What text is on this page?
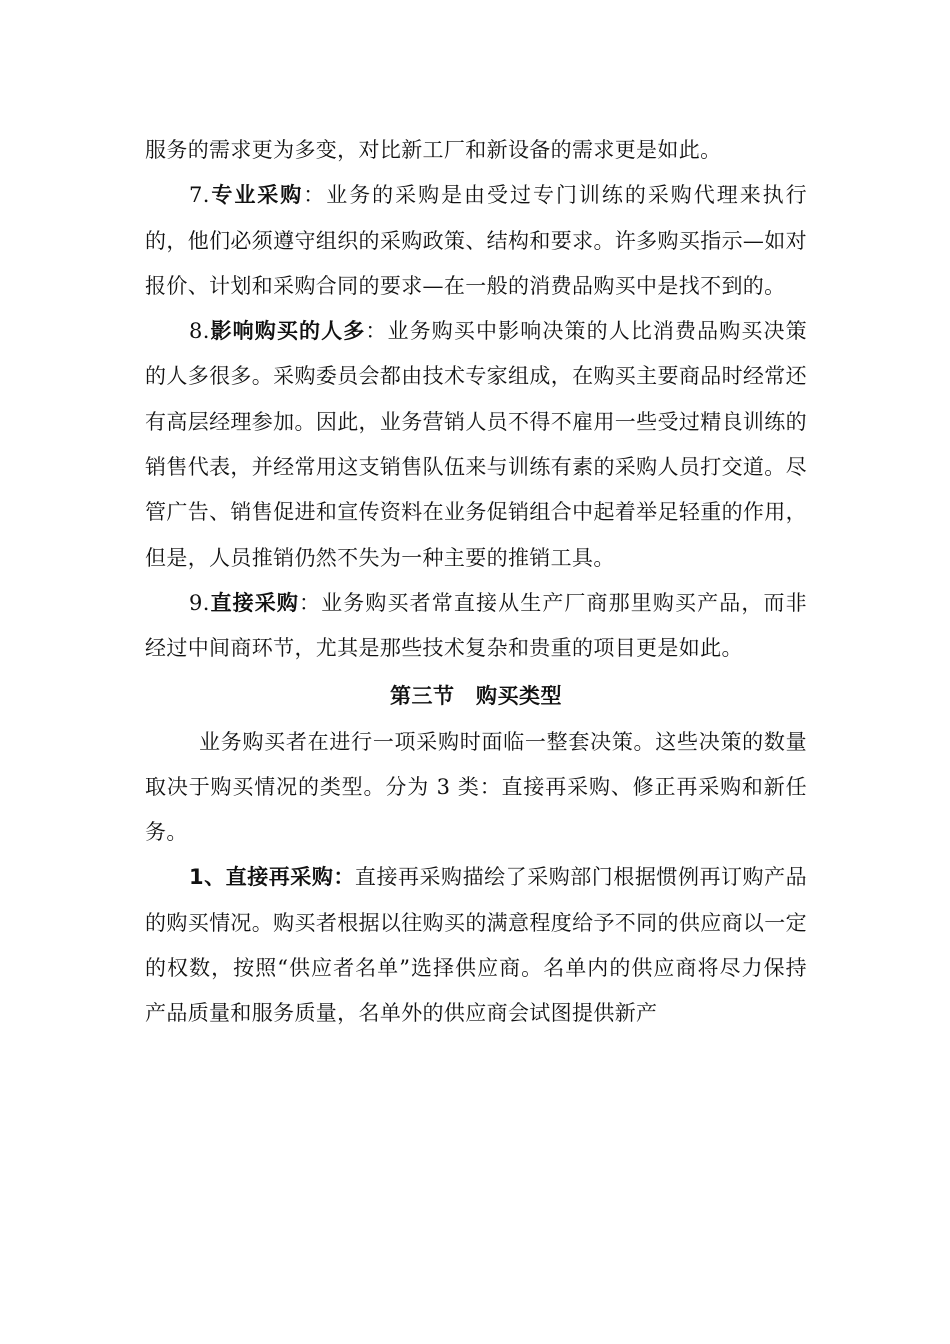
服务的需求更为多变，对比新工厂和新设备的需求更是如此。

7.专业采购：业务的采购是由受过专门训练的采购代理来执行的，他们必须遵守组织的采购政策、结构和要求。许多购买指示—如对报价、计划和采购合同的要求—在一般的消费品购买中是找不到的。

8.影响购买的人多：业务购买中影响决策的人比消费品购买决策的人多很多。采购委员会都由技术专家组成，在购买主要商品时经常还有高层经理参加。因此，业务营销人员不得不雇用一些受过精良训练的销售代表，并经常用这支销售队伍来与训练有素的采购人员打交道。尽管广告、销售促进和宣传资料在业务促销组合中起着举足轻重的作用，但是，人员推销仍然不失为一种主要的推销工具。

9.直接采购：业务购买者常直接从生产厂商那里购买产品，而非经过中间商环节，尤其是那些技术复杂和贵重的项目更是如此。

第三节　购买类型

业务购买者在进行一项采购时面临一整套决策。这些决策的数量取决于购买情况的类型。分为 3 类：直接再采购、修正再采购和新任务。

1、直接再采购：直接再采购描绘了采购部门根据惯例再订购产品的购买情况。购买者根据以往购买的满意程度给予不同的供应商以一定的权数，按照“供应者名单”选择供应商。名单内的供应商将尽力保持产品质量和服务质量，名单外的供应商会试图提供新产
